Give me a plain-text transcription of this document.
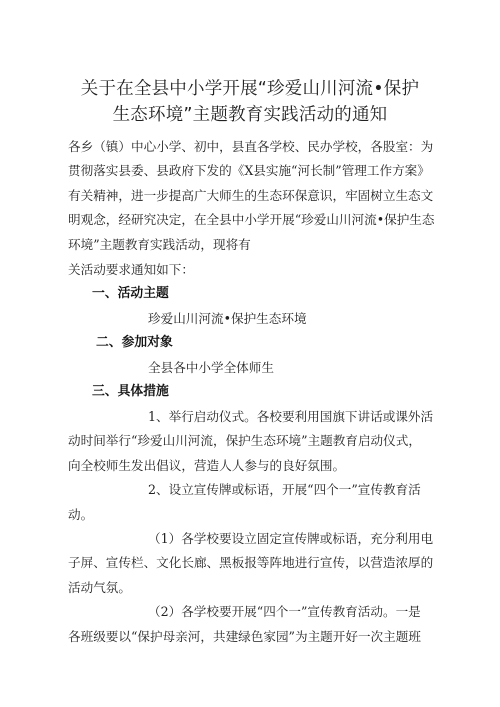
关于在全县中小学开展“珍爱山川河流•保护
生态环境”主题教育实践活动的通知
各乡（镇）中心小学、初中，县直各学校、民办学校，各股室：为
贯彻落实县委、县政府下发的《X县实施“河长制”管理工作方案》
有关精神，进一步提高广大师生的生态环保意识，牢固树立生态文
明观念，经研究决定，在全县中小学开展“珍爱山川河流•保护生态
环境”主题教育实践活动，现将有
关活动要求通知如下：
一、活动主题
珍爱山川河流•保护生态环境
二、参加对象
全县各中小学全体师生
三、具体措施
1、举行启动仪式。各校要利用国旗下讲话或课外活
动时间举行“珍爱山川河流，保护生态环境”主题教育启动仪式，
向全校师生发出倡议，营造人人参与的良好氛围。
2、设立宣传牌或标语，开展“四个一”宣传教育活
动。
（1）各学校要设立固定宣传牌或标语，充分利用电
子屏、宣传栏、文化长廊、黑板报等阵地进行宣传，以营造浓厚的
活动气氛。
（2）各学校要开展“四个一”宣传教育活动。一是
各班级要以“保护母亲河，共建绿色家园”为主题开好一次主题班
